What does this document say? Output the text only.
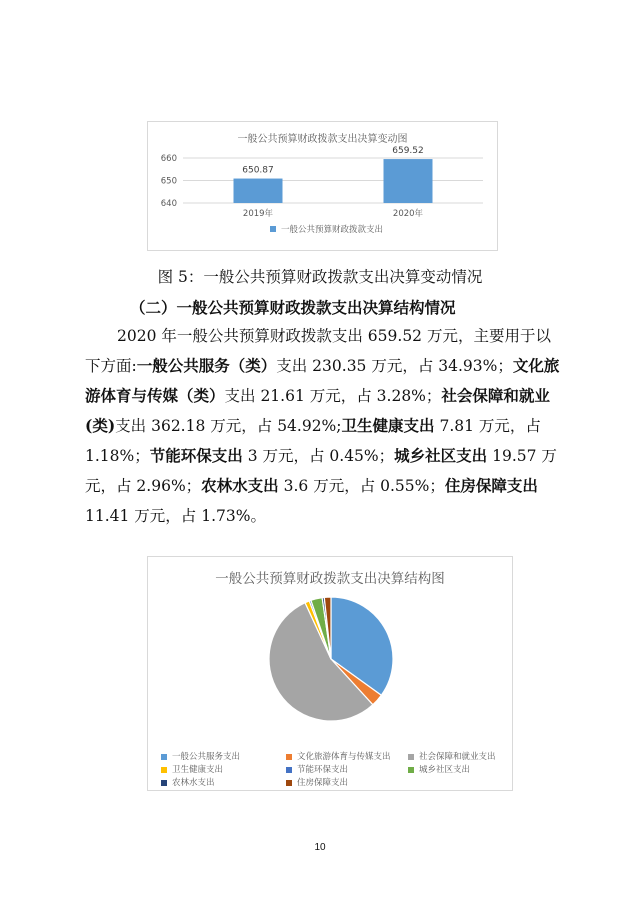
一般公共预算财政拨款支出决算变动图
640
650
660
650.87
2019年
659.52
2020年
一般公共预算财政拨款支出
图 5：一般公共预算财政拨款支出决算变动情况
（二）一般公共预算财政拨款支出决算结构情况
2020 年一般公共预算财政拨款支出 659.52 万元，主要用于以下方面:一般公共服务（类）支出 230.35 万元，占 34.93%；文化旅游体育与传媒（类）支出 21.61 万元，占 3.28%；社会保障和就业(类)支出 362.18 万元，占 54.92%;卫生健康支出 7.81 万元，占 1.18%；节能环保支出 3 万元，占 0.45%；城乡社区支出 19.57 万元，占 2.96%；农林水支出 3.6 万元，占 0.55%；住房保障支出 11.41 万元，占 1.73%。
一般公共预算财政拨款支出决算结构图
一般公共服务支出	文化旅游体育与传媒支出	社会保障和就业支出
卫生健康支出	节能环保支出	城乡社区支出
农林水支出	住房保障支出
10
